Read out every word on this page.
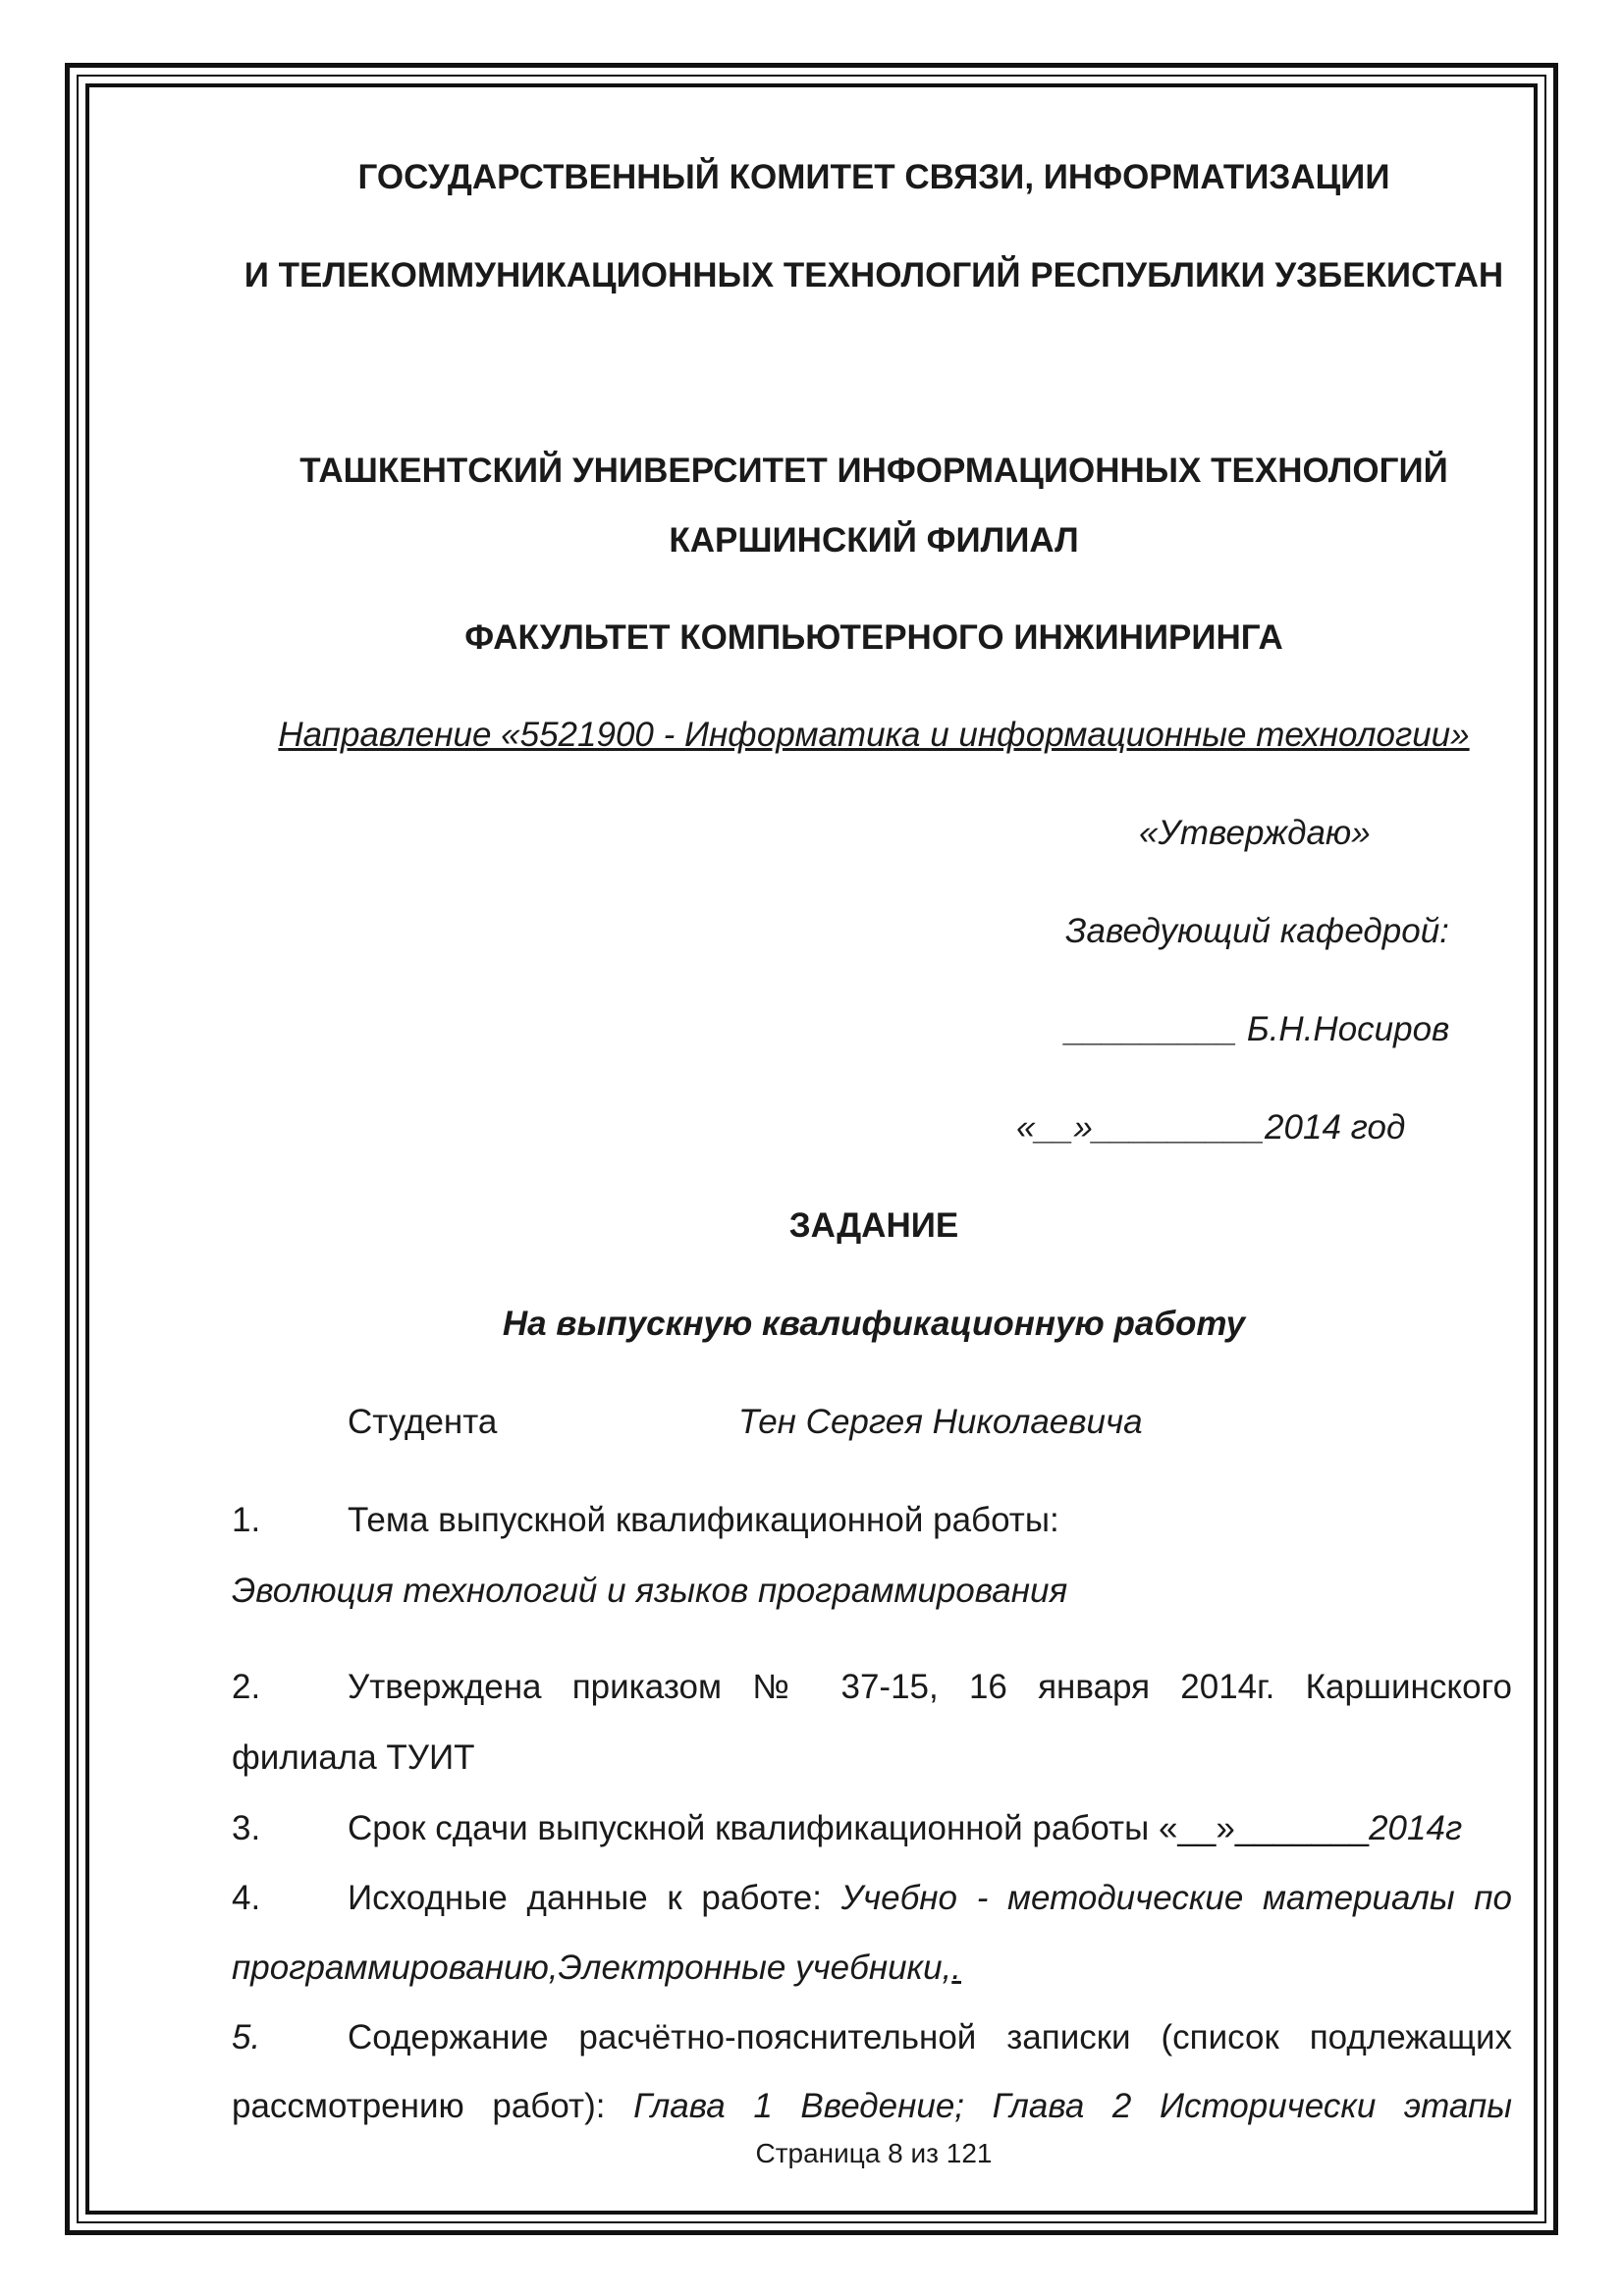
ГОСУДАРСТВЕННЫЙ КОМИТЕТ СВЯЗИ, ИНФОРМАТИЗАЦИИ
И ТЕЛЕКОММУНИКАЦИОННЫХ ТЕХНОЛОГИЙ РЕСПУБЛИКИ УЗБЕКИСТАН
ТАШКЕНТСКИЙ УНИВЕРСИТЕТ ИНФОРМАЦИОННЫХ ТЕХНОЛОГИЙ
КАРШИНСКИЙ ФИЛИАЛ
ФАКУЛЬТЕТ КОМПЬЮТЕРНОГО ИНЖИНИРИНГА
Направление «5521900 - Информатика и информационные технологии»
«Утверждаю»
Заведующий кафедрой:
_________ Б.Н.Носиров
«__»_________2014 год
ЗАДАНИЕ
На выпускную квалификационную работу
Студента	Тен Сергея Николаевича
1.	Тема выпускной квалификационной работы:
Эволюция технологий и языков программирования
2.	Утверждена приказом № 37-15, 16 января 2014г. Каршинского
филиала ТУИТ
3.	Срок сдачи выпускной квалификационной работы «__»_______2014г
4.	Исходные данные к работе: Учебно - методические материалы по
программированию,Электронные учебники,.
5.	Содержание расчётно-пояснительной записки (список подлежащих
рассмотрению работ): Глава 1 Введение; Глава 2 Исторически этапы
Страница 8 из 121
